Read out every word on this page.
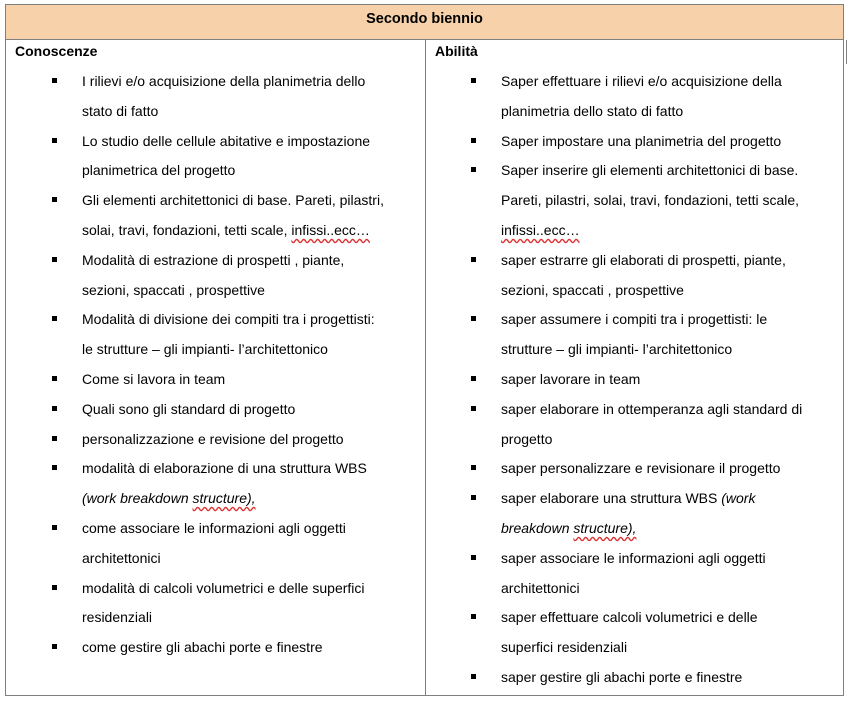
Secondo biennio
Conoscenze
I rilievi e/o acquisizione della planimetria dello
stato di fatto
Lo studio delle cellule abitative e impostazione
planimetrica del progetto
Gli elementi architettonici di base. Pareti, pilastri,
solai, travi, fondazioni, tetti scale, infissi..ecc…
Modalità di estrazione di prospetti , piante,
sezioni, spaccati , prospettive
Modalità di divisione dei compiti tra i progettisti:
le strutture – gli impianti- l’architettonico
Come si lavora in team
Quali sono gli standard di progetto
personalizzazione e revisione del progetto
modalità di elaborazione di una struttura WBS
(work breakdown structure),
come associare le informazioni agli oggetti
architettonici
modalità di calcoli volumetrici e delle superfici
residenziali
come gestire gli abachi porte e finestre
Abilità
Saper effettuare i rilievi e/o acquisizione della
planimetria dello stato di fatto
Saper impostare una planimetria del progetto
Saper inserire gli elementi architettonici di base.
Pareti, pilastri, solai, travi, fondazioni, tetti scale,
infissi..ecc…
saper estrarre gli elaborati di prospetti, piante,
sezioni, spaccati , prospettive
saper assumere i compiti tra i progettisti: le
strutture – gli impianti- l’architettonico
saper lavorare in team
saper elaborare in ottemperanza agli standard di
progetto
saper personalizzare e revisionare il progetto
saper elaborare una struttura WBS (work
breakdown structure),
saper associare le informazioni agli oggetti
architettonici
saper effettuare calcoli volumetrici e delle
superfici residenziali
saper gestire gli abachi porte e finestre
